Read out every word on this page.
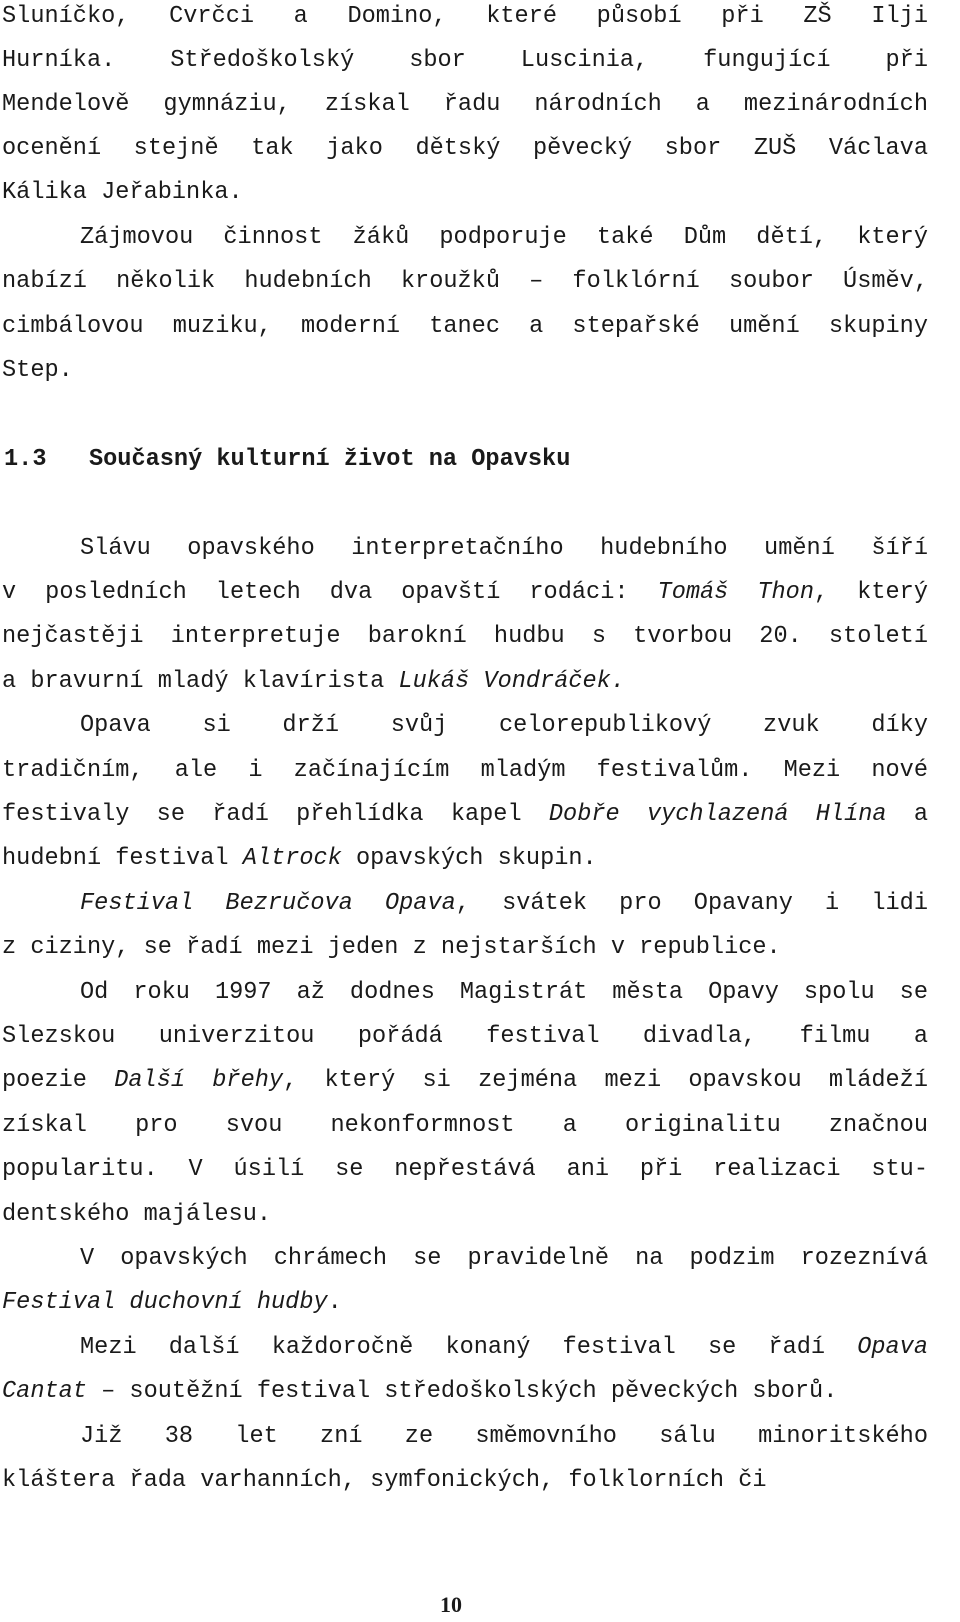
Sluníčko, Cvrčci a Domino, které působí při ZŠ Ilji
Hurníka. Středoškolský sbor Luscinia, fungující při
Mendelově gymnáziu, získal řadu národních a mezinárodních
ocenění stejně tak jako dětský pěvecký sbor ZUŠ Václava
Kálika Jeřabinka.
Zájmovou činnost žáků podporuje také Dům dětí, který
nabízí několik hudebních kroužků – folklórní soubor Úsměv,
cimbálovou muziku, moderní tanec a stepařské umění skupiny
Step.
1.3 Současný kulturní život na Opavsku
Slávu opavského interpretačního hudebního umění šíří
v posledních letech dva opavští rodáci: Tomáš Thon, který
nejčastěji interpretuje barokní hudbu s tvorbou 20. století
a bravurní mladý klavírista Lukáš Vondráček.
Opava si drží svůj celorepublikový zvuk díky
tradičním, ale i začínajícím mladým festivalům. Mezi nové
festivaly se řadí přehlídka kapel Dobře vychlazená Hlína a
hudební festival Altrock opavských skupin.
Festival Bezručova Opava, svátek pro Opavany i lidi
z ciziny, se řadí mezi jeden z nejstarších v republice.
Od roku 1997 až dodnes Magistrát města Opavy spolu se
Slezskou univerzitou pořádá festival divadla, filmu a
poezie Další břehy, který si zejména mezi opavskou mládeží
získal pro svou nekonformnost a originalitu značnou
popularitu. V úsilí se nepřestává ani při realizaci stu-
dentského majálesu.
V opavských chrámech se pravidelně na podzim rozeznívá
Festival duchovní hudby.
Mezi další každoročně konaný festival se řadí Opava
Cantat – soutěžní festival středoškolských pěveckých sborů.
Již 38 let zní ze směmovního sálu minoritského
kláštera řada varhanních, symfonických, folklorních či
10
